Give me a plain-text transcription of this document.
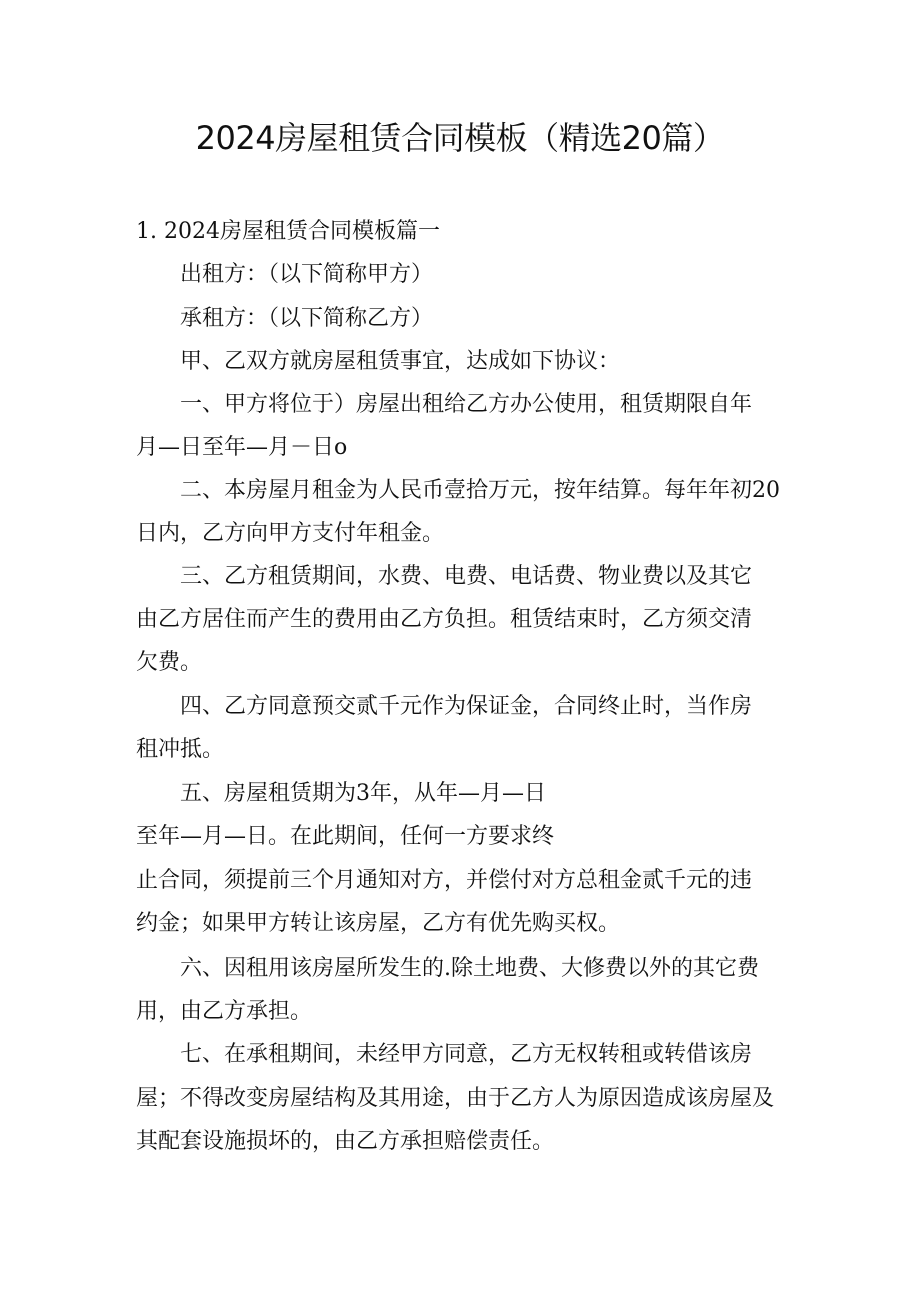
2024房屋租赁合同模板（精选20篇）
1. 2024房屋租赁合同模板篇一
出租方：（以下简称甲方）
承租方：（以下简称乙方）
甲、乙双方就房屋租赁事宜，达成如下协议：
一、甲方将位于）房屋出租给乙方办公使用，租赁期限自年
月—日至年—月－日o
二、本房屋月租金为人民币壹拾万元，按年结算。每年年初20
日内，乙方向甲方支付年租金。
三、乙方租赁期间，水费、电费、电话费、物业费以及其它
由乙方居住而产生的费用由乙方负担。租赁结束时，乙方须交清
欠费。
四、乙方同意预交贰千元作为保证金，合同终止时，当作房
租冲抵。
五、房屋租赁期为3年，从年—月—日
至年—月—日。在此期间，任何一方要求终
止合同，须提前三个月通知对方，并偿付对方总租金贰千元的违
约金；如果甲方转让该房屋，乙方有优先购买权。
六、因租用该房屋所发生的.除土地费、大修费以外的其它费
用，由乙方承担。
七、在承租期间，未经甲方同意，乙方无权转租或转借该房
屋；不得改变房屋结构及其用途，由于乙方人为原因造成该房屋及
其配套设施损坏的，由乙方承担赔偿责任。
